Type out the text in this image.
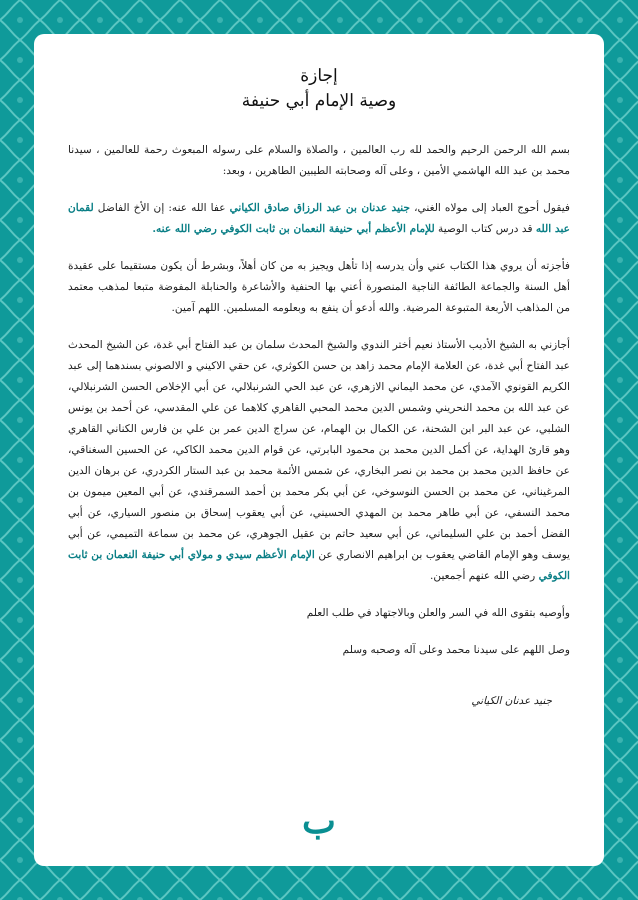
إجازة
وصية الإمام أبي حنيفة

بسم الله الرحمن الرحيم والحمد لله رب العالمين ، والصلاة والسلام على رسوله المبعوث رحمة للعالمين ، سيدنا محمد بن عبد الله الهاشمي الأمين ، وعلى آله وصحابته الطيبين الطاهرين ، وبعد:

فيقول أحوج العباد إلى مولاه الغني، جنيد عدنان بن عبد الرزاق صادق الكياني عفا الله عنه: إن الأخ الفاضل لقمان عبد الله قد درس كتاب الوصية للإمام الأعظم أبي حنيفة النعمان بن ثابت الكوفي رضي الله عنه.

فأجزته أن يروي هذا الكتاب عني وأن يدرسه إذا تأهل ويجيز به من كان أهلاً، وبشرط أن يكون مستقيما على عقيدة أهل السنة والجماعة الطائفة الناجية المنصورة أعني بها الحنفية والأشاعرة والحنابلة المفوضة متبعا لمذهب معتمد من المذاهب الأربعة المتبوعة المرضية. والله أدعو أن ينفع به وبعلومه المسلمين. اللهم آمين.

أجازني به الشيخ الأديب الأستاذ نعيم أختر الندوي والشيخ المحدث سلمان بن عبد الفتاح أبي غدة، عن الشيخ المحدث عبد الفتاح أبي غدة، عن العلامة الإمام محمد زاهد بن حسن الكوثري، عن حقي الاكيني و الالصوني بسندهما إلى عبد الكريم القونوي الآمدي، عن محمد اليماني الازهري، عن عبد الحي الشرنبلالي، عن أبي الإخلاص الحسن الشرنبلالي، عن عبد الله بن محمد النحريني وشمس الدين محمد المحبي القاهري كلاهما عن علي المقدسي، عن أحمد بن يونس الشلبي، عن عبد البر ابن الشحنة، عن الكمال بن الهمام، عن سراج الدين عمر بن علي بن فارس الكناني القاهري وهو قارئ الهداية، عن أكمل الدين محمد بن محمود البابرتي، عن قوام الدين محمد الكاكي، عن الحسين السغناقي، عن حافظ الدين محمد بن محمد بن نصر البخاري، عن شمس الأئمة محمد بن عبد الستار الكردري، عن برهان الدين المرغيناني، عن محمد بن الحسن النوسوخي، عن أبي بكر محمد بن أحمد السمرقندي، عن أبي المعين ميمون بن محمد النسفي، عن أبي طاهر محمد بن المهدي الحسيني، عن أبي يعقوب إسحاق بن منصور السياري، عن أبي الفضل أحمد بن علي السليماني، عن أبي سعيد حاتم بن عقيل الجوهري، عن محمد بن سماعة التميمي، عن أبي يوسف وهو الإمام القاضي يعقوب بن ابراهيم الانصاري عن الإمام الأعظم سيدي و مولاي أبي حنيفة النعمان بن ثابت الكوفي رضي الله عنهم أجمعين.

وأوصيه بتقوى الله في السر والعلن وبالاجتهاد في طلب العلم

وصل اللهم على سيدنا محمد وعلى آله وصحبه وسلم

جنيد عدنان الكياني
ب
